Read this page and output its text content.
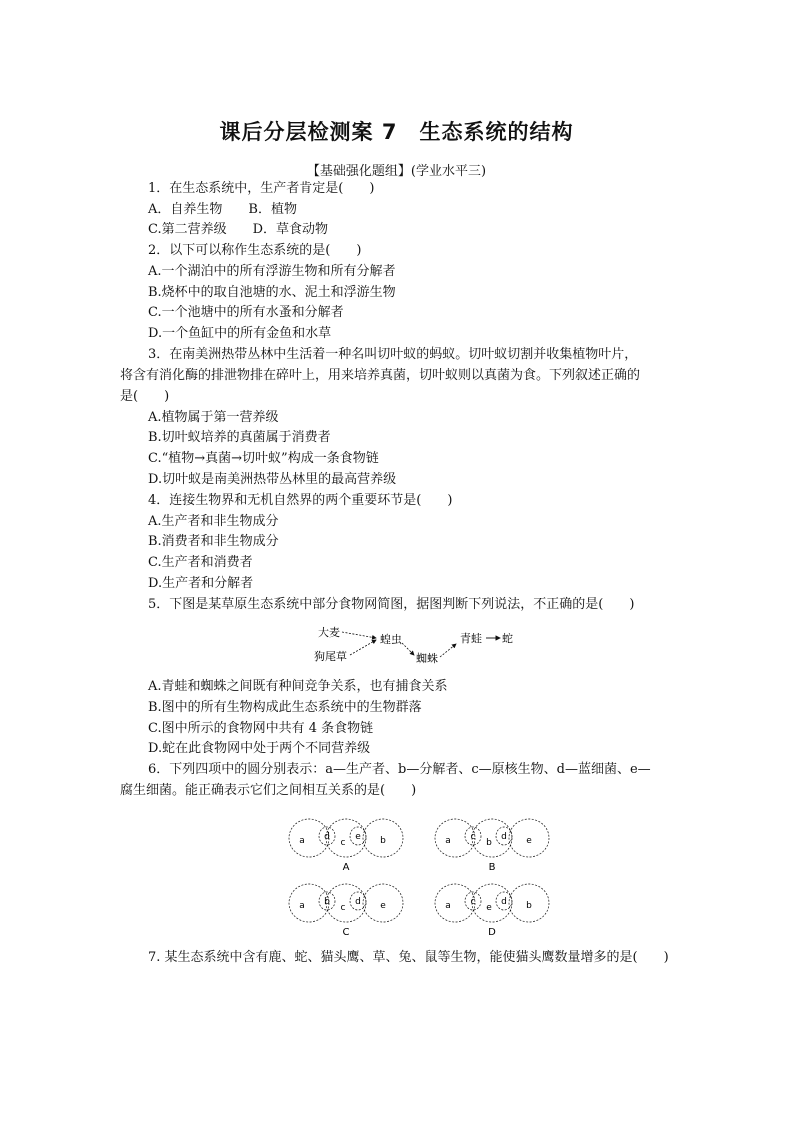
课后分层检测案 7　生态系统的结构
【基础强化题组】(学业水平三)
1．在生态系统中，生产者肯定是(　　)
A．自养生物　　B．植物
C.第二营养级　　D．草食动物
2．以下可以称作生态系统的是(　　)
A.一个湖泊中的所有浮游生物和所有分解者
B.烧杯中的取自池塘的水、泥土和浮游生物
C.一个池塘中的所有水蚤和分解者
D.一个鱼缸中的所有金鱼和水草
3．在南美洲热带丛林中生活着一种名叫切叶蚁的蚂蚁。切叶蚁切割并收集植物叶片，
将含有消化酶的排泄物排在碎叶上，用来培养真菌，切叶蚁则以真菌为食。下列叙述正确的
是(　　)
A.植物属于第一营养级
B.切叶蚁培养的真菌属于消费者
C.“植物→真菌→切叶蚁”构成一条食物链
D.切叶蚁是南美洲热带丛林里的最高营养级
4．连接生物界和无机自然界的两个重要环节是(　　)
A.生产者和非生物成分
B.消费者和非生物成分
C.生产者和消费者
D.生产者和分解者
5．下图是某草原生态系统中部分食物网简图，据图判断下列说法，不正确的是(　　)
大麦
狗尾草
蝗虫
蜘蛛
青蛙 蛇
A.青蛙和蜘蛛之间既有种间竞争关系，也有捕食关系
B.图中的所有生物构成此生态系统中的生物群落
C.图中所示的食物网中共有 4 条食物链
D.蛇在此食物网中处于两个不同营养级
6．下列四项中的圆分别表示：a—生产者、b—分解者、c—原核生物、d—蓝细菌、e—
腐生细菌。能正确表示它们之间相互关系的是(　　)
a d
c
e b
A
a c
b
d e
B
a b
c
d e
C
a c
e
d b
D
7. 某生态系统中含有鹿、蛇、猫头鹰、草、兔、鼠等生物，能使猫头鹰数量增多的是(　　)
